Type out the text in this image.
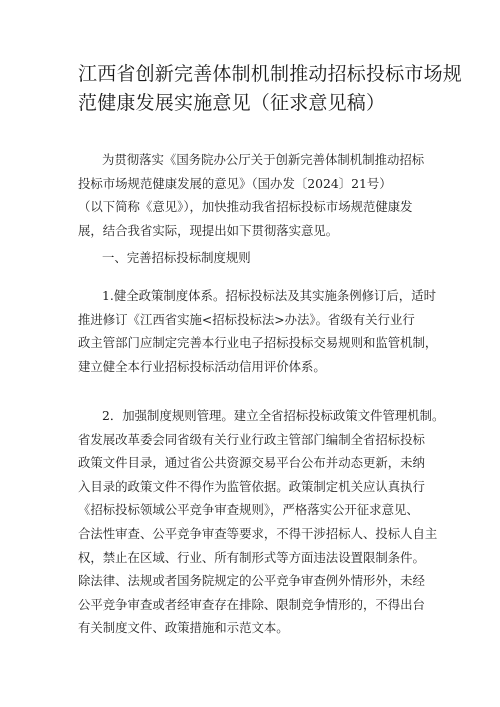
江西省创新完善体制机制推动招标投标市场规
范健康发展实施意见（征求意见稿）
为贯彻落实《国务院办公厅关于创新完善体制机制推动招标
投标市场规范健康发展的意见》（国办发〔2024〕21号）
（以下简称《意见》），加快推动我省招标投标市场规范健康发
展，结合我省实际，现提出如下贯彻落实意见。
一、完善招标投标制度规则
1.健全政策制度体系。招标投标法及其实施条例修订后，适时
推进修订《江西省实施<招标投标法>办法》。省级有关行业行
政主管部门应制定完善本行业电子招标投标交易规则和监管机制，
建立健全本行业招标投标活动信用评价体系。
2．加强制度规则管理。建立全省招标投标政策文件管理机制。
省发展改革委会同省级有关行业行政主管部门编制全省招标投标
政策文件目录，通过省公共资源交易平台公布并动态更新，未纳
入目录的政策文件不得作为监管依据。政策制定机关应认真执行
《招标投标领域公平竞争审查规则》，严格落实公开征求意见、
合法性审查、公平竞争审查等要求，不得干涉招标人、投标人自主
权，禁止在区域、行业、所有制形式等方面违法设置限制条件。
除法律、法规或者国务院规定的公平竞争审查例外情形外，未经
公平竞争审查或者经审查存在排除、限制竞争情形的，不得出台
有关制度文件、政策措施和示范文本。
